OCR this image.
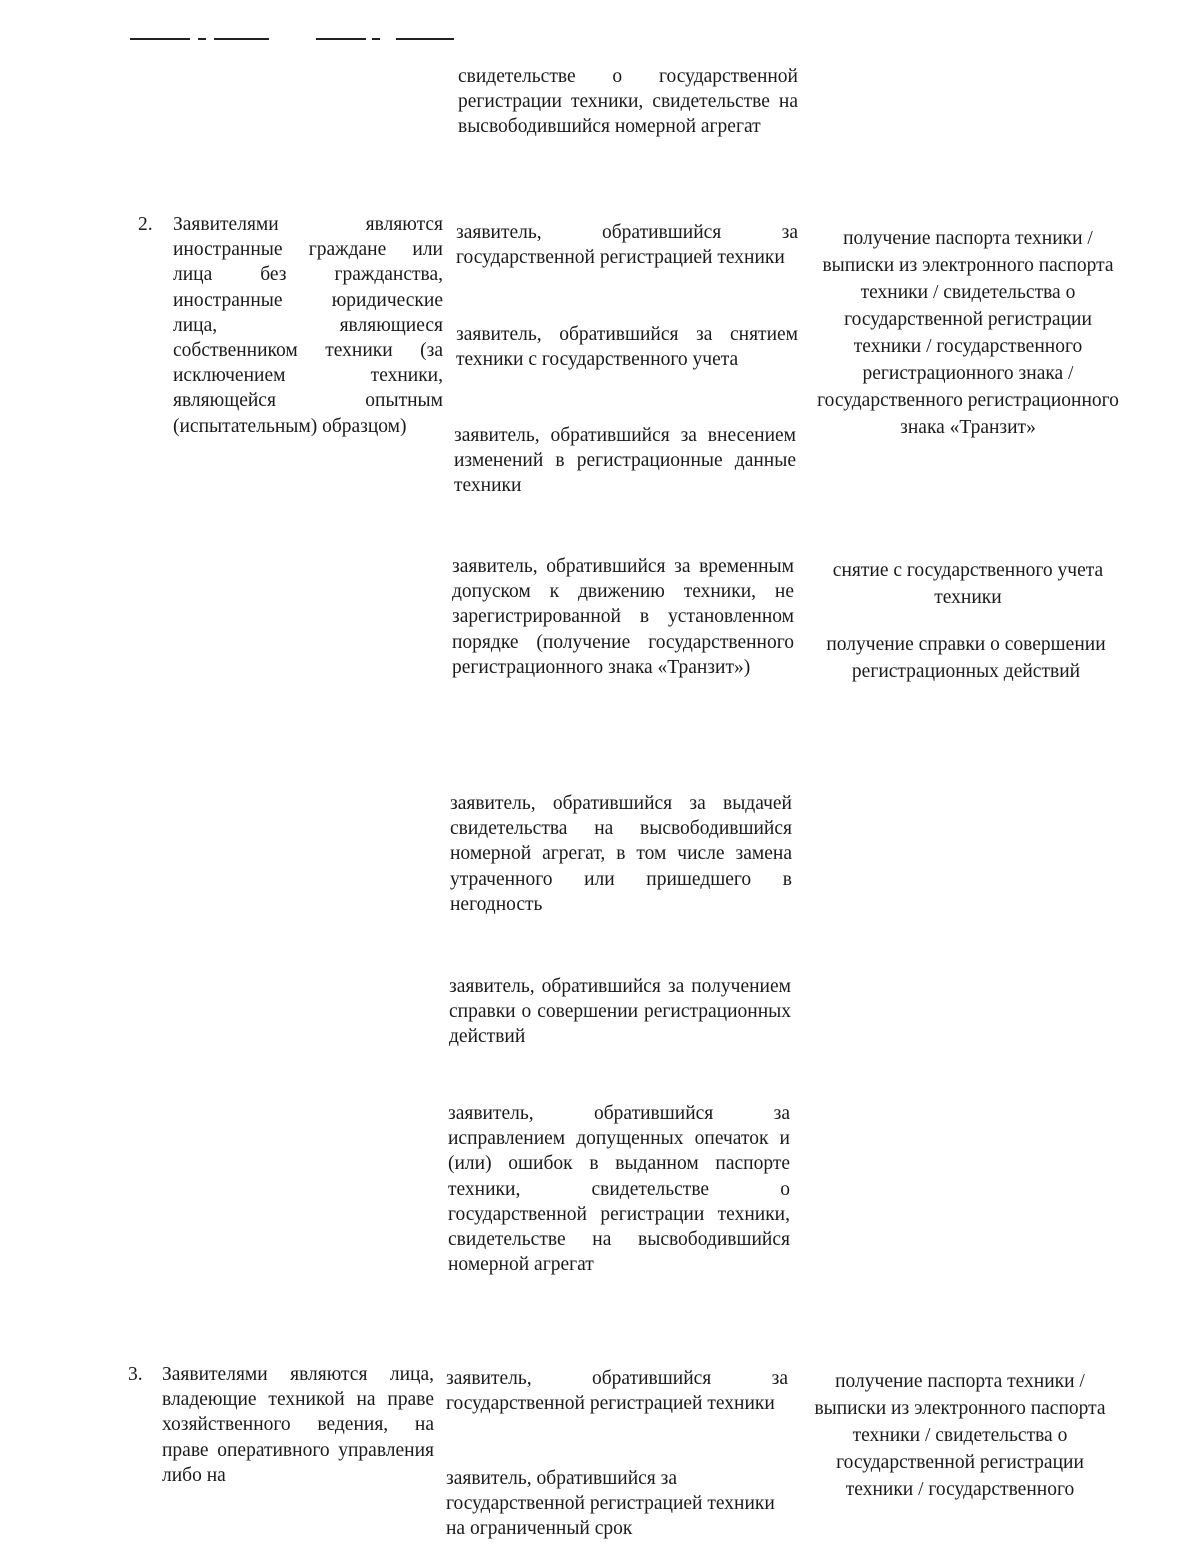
свидетельстве о государственной регистрации техники, свидетельстве на высвободившийся номерной агрегат
2. Заявителями являются иностранные граждане или лица без гражданства, иностранные юридические лица, являющиеся собственником техники (за исключением техники, являющейся опытным (испытательным) образцом)
заявитель, обратившийся за государственной регистрацией техники
заявитель, обратившийся за снятием техники с государственного учета
заявитель, обратившийся за внесением изменений в регистрационные данные техники
заявитель, обратившийся за временным допуском к движению техники, не зарегистрированной в установленном порядке (получение государственного регистрационного знака «Транзит»)
заявитель, обратившийся за выдачей свидетельства на высвободившийся номерной агрегат, в том числе замена утраченного или пришедшего в негодность
заявитель, обратившийся за получением справки о совершении регистрационных действий
заявитель, обратившийся за исправлением допущенных опечаток и (или) ошибок в выданном паспорте техники, свидетельстве о государственной регистрации техники, свидетельстве на высвободившийся номерной агрегат
получение паспорта техники / выписки из электронного паспорта техники / свидетельства о государственной регистрации техники / государственного регистрационного знака / государственного регистрационного знака «Транзит»
снятие с государственного учета техники
получение справки о совершении регистрационных действий
3. Заявителями являются лица, владеющие техникой на праве хозяйственного ведения, на праве оперативного управления либо на
заявитель, обратившийся за государственной регистрацией техники
заявитель, обратившийся за государственной регистрацией техники на ограниченный срок
получение паспорта техники / выписки из электронного паспорта техники / свидетельства о государственной регистрации техники / государственного
